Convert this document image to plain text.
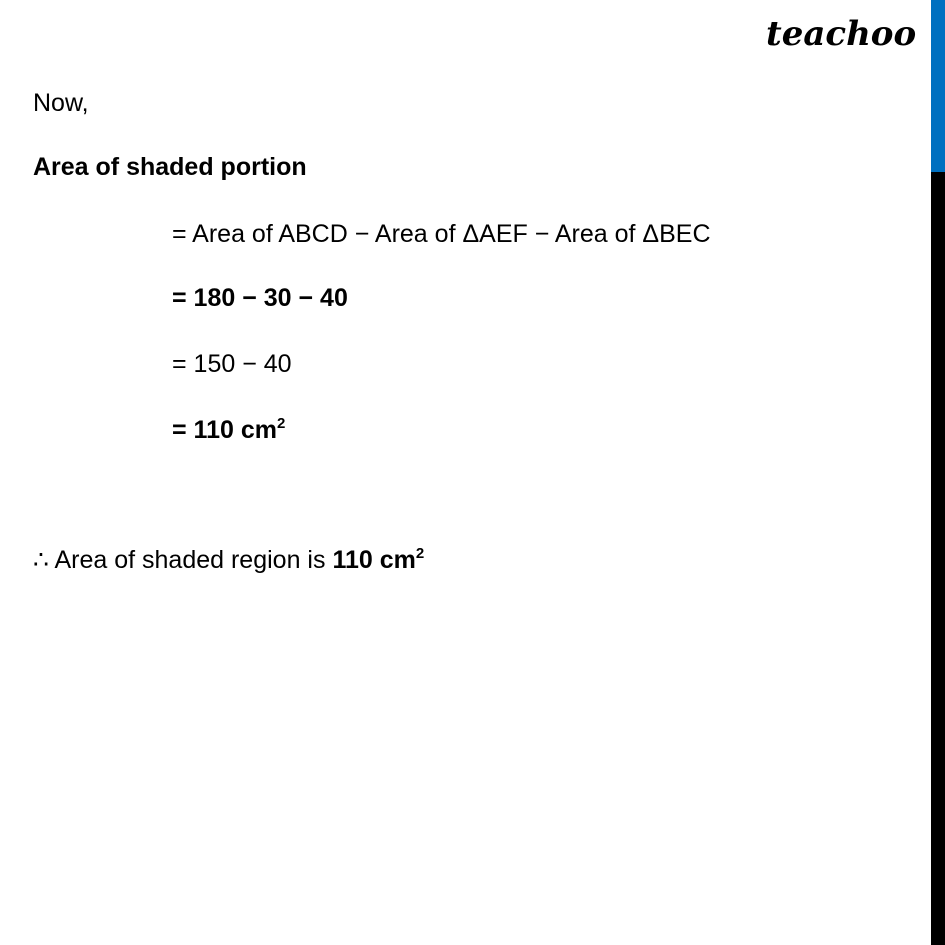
teachoo
Now,
Area of shaded portion
= Area of ABCD − Area of ΔAEF − Area of ΔBEC
= 180 − 30 − 40
= 150 − 40
= 110 $cm^2$
∴ Area of shaded region is 110 $cm^2$
